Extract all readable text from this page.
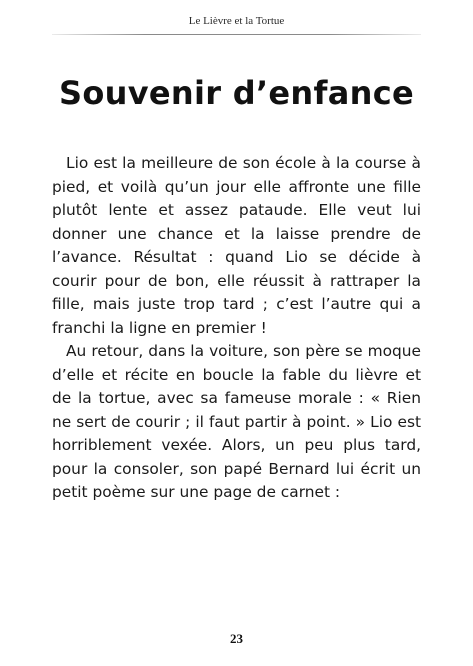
Le Lièvre et la Tortue
Souvenir d’enfance

Lio est la meilleure de son école à la course à pied, et voilà qu’un jour elle affronte une fille plutôt lente et assez pataude. Elle veut lui donner une chance et la laisse prendre de l’avance. Résultat : quand Lio se décide à courir pour de bon, elle réussit à rattraper la fille, mais juste trop tard ; c’est l’autre qui a franchi la ligne en premier !

Au retour, dans la voiture, son père se moque d’elle et récite en boucle la fable du lièvre et de la tortue, avec sa fameuse morale : « Rien ne sert de courir ; il faut partir à point. » Lio est horriblement vexée. Alors, un peu plus tard, pour la consoler, son papé Bernard lui écrit un petit poème sur une page de carnet :

23
